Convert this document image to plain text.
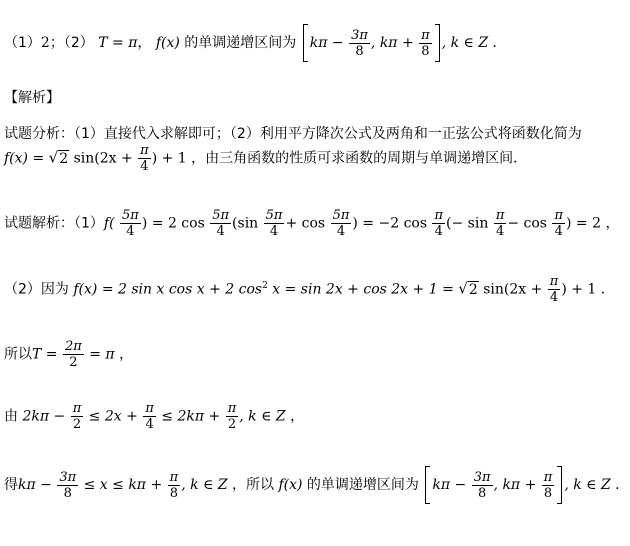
（1）2；（2） T = π， f(x) 的单调递增区间为 $k\pi - \frac{3\pi}{8}$ , $k\pi + \frac{\pi}{8}$ , k ∈ Z ．
【解析】
试题分析：（1）直接代入求解即可；（2）利用平方降次公式及两角和一正弦公式将函数化简为
f(x) = √2 $\sin(2x + \frac{\pi}{4}$ ) + 1 ，由三角函数的性质可求函数的周期与单调递增区间．
试题解析：$(1)f( \frac{5\pi}{4}$ ) = 2 $\cos \frac{5\pi}{4} (\sin \frac{5\pi}{4} + \cos \frac{5\pi}{4}$ ) = −2 $\cos \frac{\pi}{4}$ (− $\sin \frac{\pi}{4} - \cos \frac{\pi}{4}$ ) = 2 ，
（2）因为 f(x) = 2 sin x cos x + 2 $\cos^2 x = \sin 2x + \cos 2x + 1 = √2$ $\sin(2x + \frac{\pi}{4}$ ) + 1 ．
所以$T = \frac{2\pi}{2} = \pi$ ，
由 $2k\pi - \frac{\pi}{2} \le 2x + \frac{\pi}{4} \le 2k\pi + \frac{\pi}{2}$ , k ∈ Z ，
得$k\pi - \frac{3\pi}{8} \le x \le k\pi + \frac{\pi}{8}$ , k ∈ Z ，所以 f(x) 的单调递增区间为 $k\pi - \frac{3\pi}{8}$ , $k\pi + \frac{\pi}{8}$ , k ∈ Z ．
